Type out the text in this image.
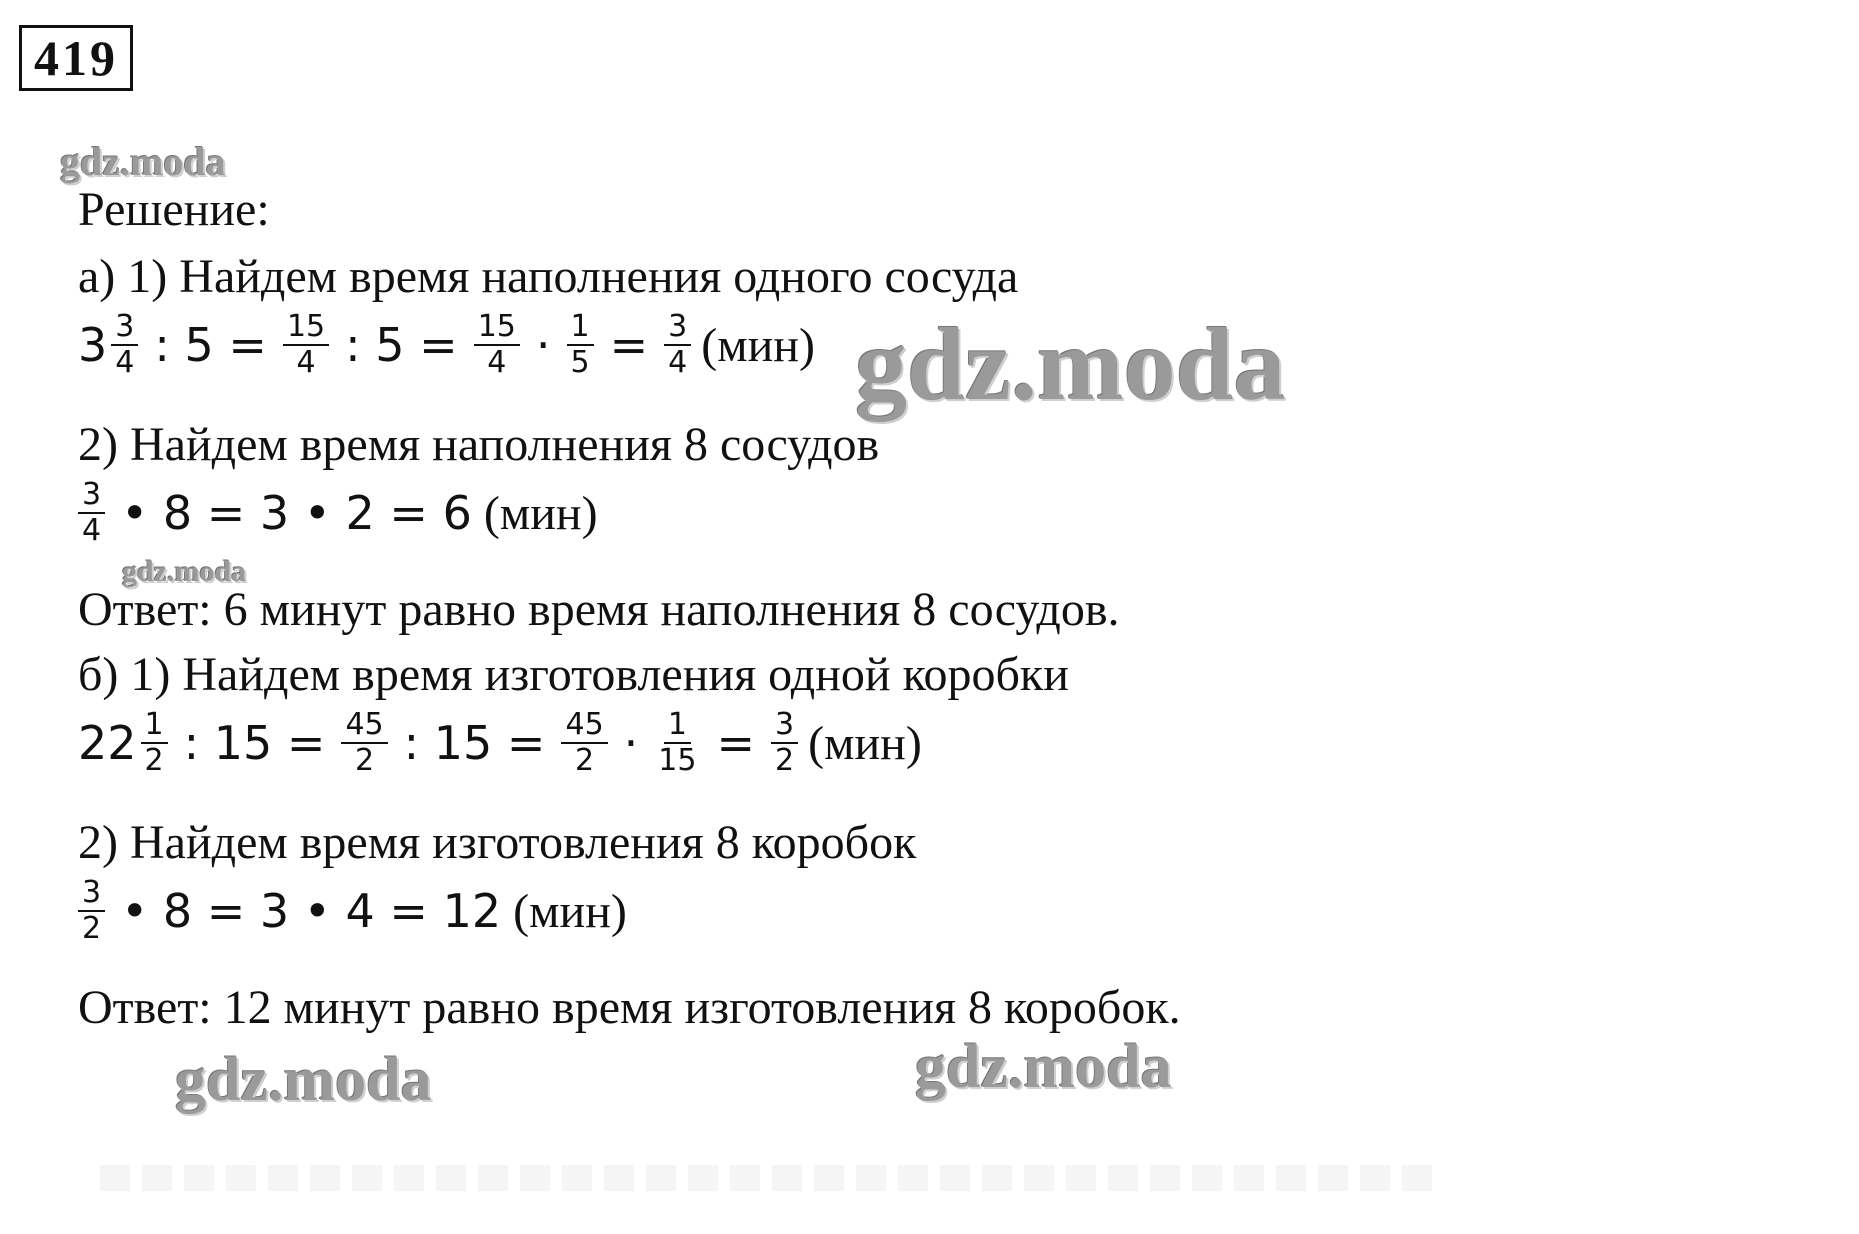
419
gdz.moda
gdz.moda
gdz.moda
gdz.moda	gdz.moda
Решение:
а) 1) Найдем время наполнения одного сосуда
$3 \frac{3}{4}$ : $5 = \frac{15}{4}$ : $5 = \frac{15}{4} \cdot \frac{1}{5} = \frac{3}{4} (мин)$
2) Найдем время наполнения 8 сосудов
$\frac{3}{4}$ • 8 = 3 • 2 = 6 (мин)
Ответ: 6 минут равно время наполнения 8 сосудов.
б) 1) Найдем время изготовления одной коробки
$22 \frac{1}{2}$ : $15 = \frac{45}{2}$ : $15 = \frac{45}{2} \cdot \frac{1}{15} = \frac{3}{2} (мин)$
2) Найдем время изготовления 8 коробок
$\frac{3}{2}$ • 8 = 3 • 4 = 12 (мин)
Ответ: 12 минут равно время изготовления 8 коробок.
